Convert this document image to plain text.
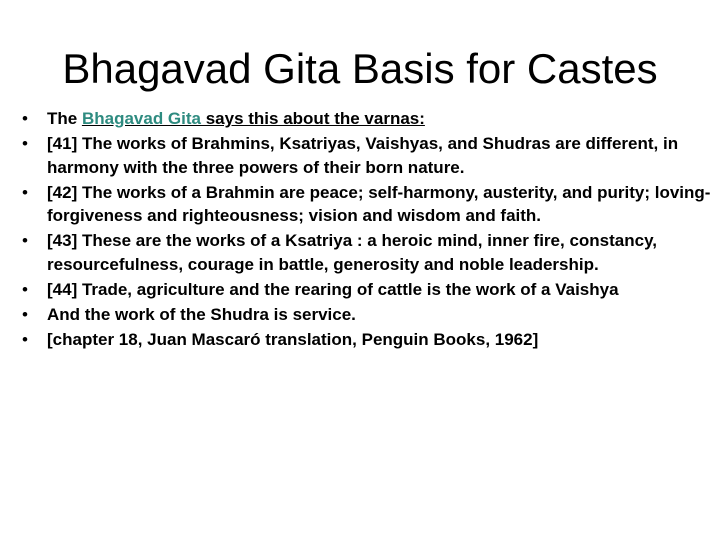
Bhagavad Gita Basis for Castes
•	The Bhagavad Gita says this about the varnas:
•	[41] The works of Brahmins, Ksatriyas, Vaishyas, and Shudras are different, in harmony with the three powers of their born nature.
•	[42] The works of a Brahmin are peace; self-harmony, austerity, and purity; loving-forgiveness and righteousness; vision and wisdom and faith.
•	[43] These are the works of a Ksatriya : a heroic mind, inner fire, constancy, resourcefulness, courage in battle, generosity and noble leadership.
•	[44] Trade, agriculture and the rearing of cattle is the work of a Vaishya
•	And the work of the Shudra is service.
•	[chapter 18, Juan Mascaró translation, Penguin Books, 1962]
